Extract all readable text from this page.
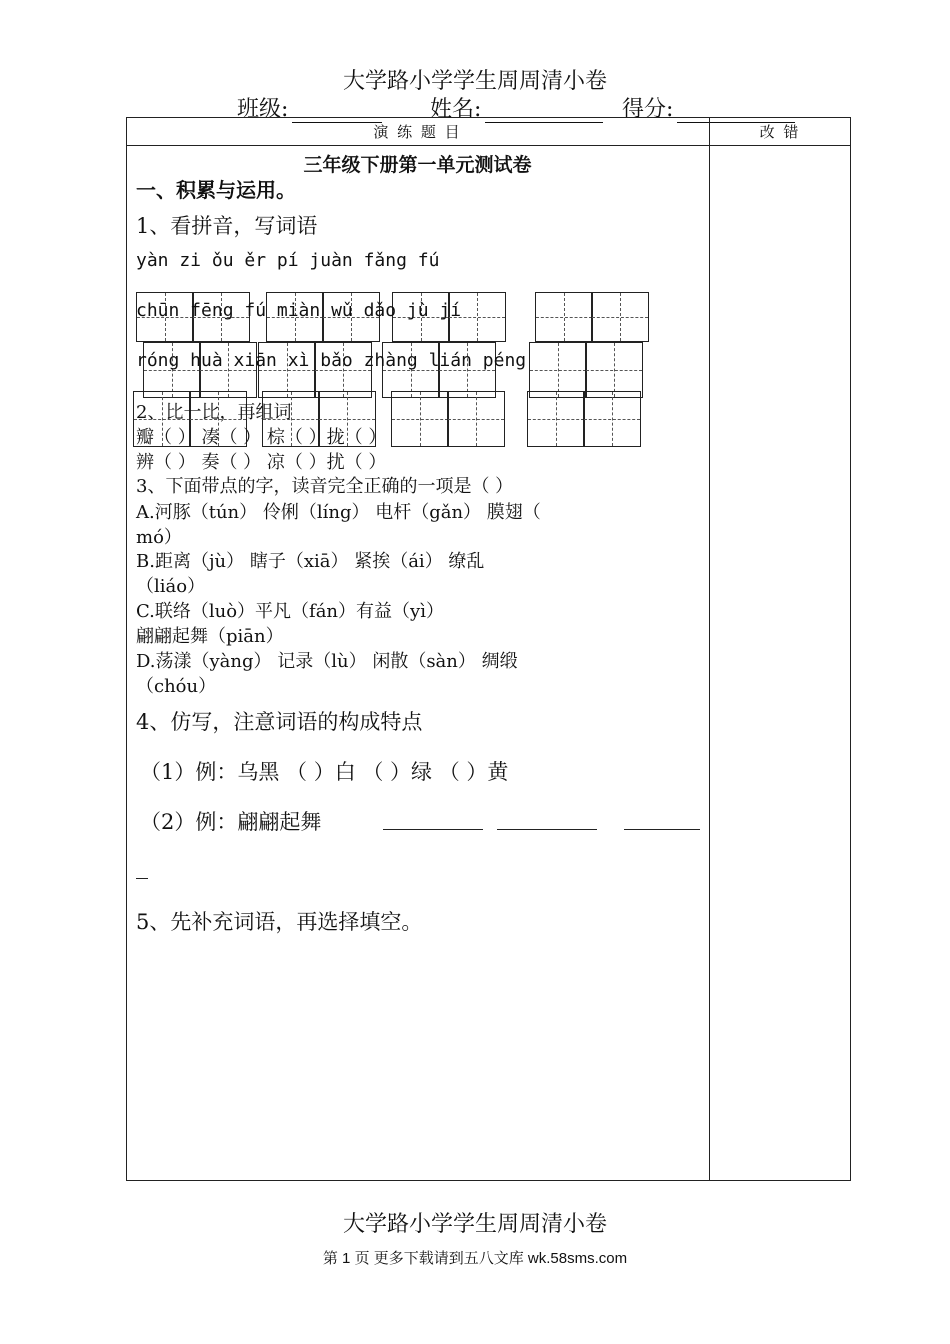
大学路小学学生周周清小卷
班级:	姓名:	得分:
演 练 题 目	改 错
三年级下册第一单元测试卷
一、积累与运用。
1、看拼音，写词语
yàn zi ǒu ěr pí juàn fǎng fú
chūn fēng fú miàn wǔ dǎo jù jí
róng huà xiān xì bǎo zhàng lián péng
2、比一比，再组词
瓣（ ） 凑（ ） 棕（ ）拢（ ）
辨（ ） 奏（ ） 凉（ ）扰（ ）
3、下面带点的字，读音完全正确的一项是（ ）
A.河豚（tún） 伶俐（líng） 电杆（gǎn） 膜翅（
mó）
B.距离（jù） 瞎子（xiā） 紧挨（ái） 缭乱
（liáo）
C.联络（luò）平凡（fán）有益（yì）
翩翩起舞（piān）
D.荡漾（yàng） 记录（lù） 闲散（sàn） 绸缎
（chóu）
4、仿写，注意词语的构成特点
（1）例：乌黑 （ ）白 （ ）绿 （ ）黄
（2）例：翩翩起舞
5、先补充词语，再选择填空。
大学路小学学生周周清小卷
第 1 页 更多下载请到五八文库 wk.58sms.com
